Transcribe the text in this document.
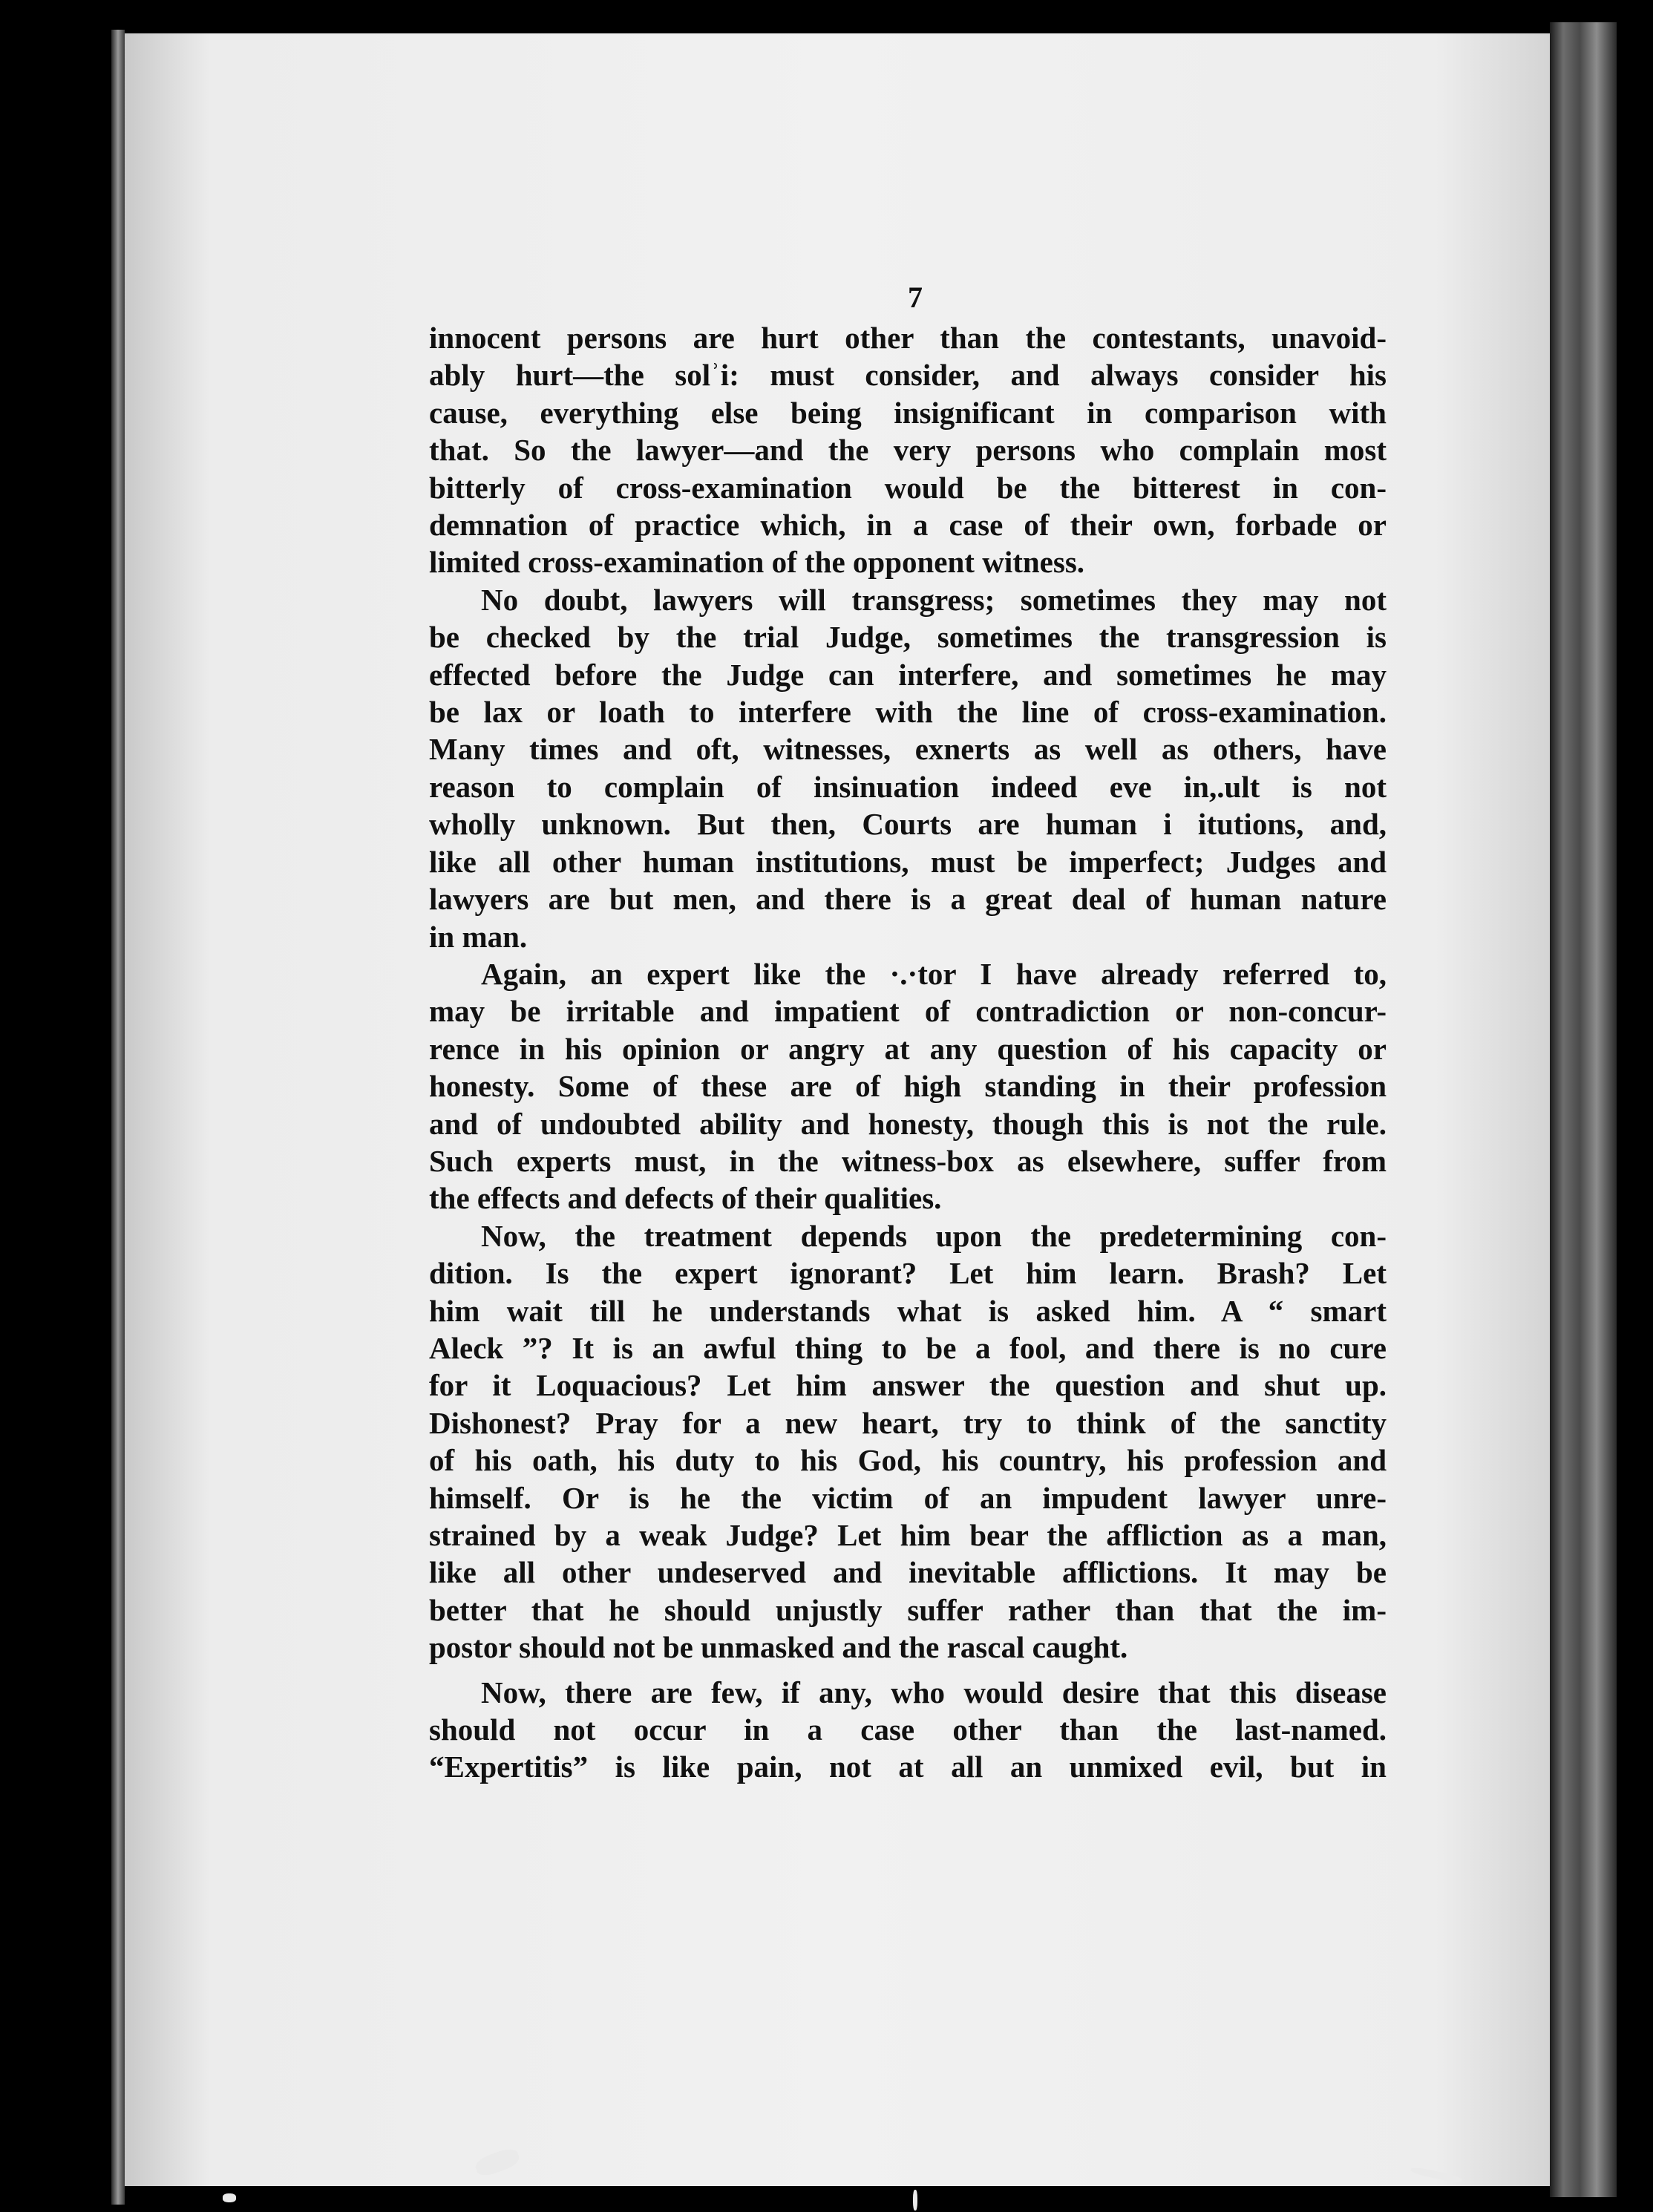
7
innocent persons are hurt other than the contestants, unavoid-
ably hurt—the solʾi: must consider, and always consider his
cause, everything else being insignificant in comparison with
that. So the lawyer—and the very persons who complain most
bitterly of cross-examination would be the bitterest in con-
demnation of practice which, in a case of their own, forbade or
limited cross-examination of the opponent witness.
No doubt, lawyers will transgress; sometimes they may not
be checked by the trial Judge, sometimes the transgression is
effected before the Judge can interfere, and sometimes he may
be lax or loath to interfere with the line of cross-examination.
Many times and oft, witnesses, exnerts as well as others, have
reason to complain of insinuation indeed eve in,.ult is not
wholly unknown. But then, Courts are human i itutions, and,
like all other human institutions, must be imperfect; Judges and
lawyers are but men, and there is a great deal of human nature
in man.
Again, an expert like the ·.·tor I have already referred to,
may be irritable and impatient of contradiction or non-concur-
rence in his opinion or angry at any question of his capacity or
honesty. Some of these are of high standing in their profession
and of undoubted ability and honesty, though this is not the rule.
Such experts must, in the witness-box as elsewhere, suffer from
the effects and defects of their qualities.
Now, the treatment depends upon the predetermining con-
dition. Is the expert ignorant? Let him learn. Brash? Let
him wait till he understands what is asked him. A “ smart
Aleck ”? It is an awful thing to be a fool, and there is no cure
for it Loquacious? Let him answer the question and shut up.
Dishonest? Pray for a new heart, try to think of the sanctity
of his oath, his duty to his God, his country, his profession and
himself. Or is he the victim of an impudent lawyer unre-
strained by a weak Judge? Let him bear the affliction as a man,
like all other undeserved and inevitable afflictions. It may be
better that he should unjustly suffer rather than that the im-
postor should not be unmasked and the rascal caught.
Now, there are few, if any, who would desire that this disease
should not occur in a case other than the last-named.
“Expertitis” is like pain, not at all an unmixed evil, but in
